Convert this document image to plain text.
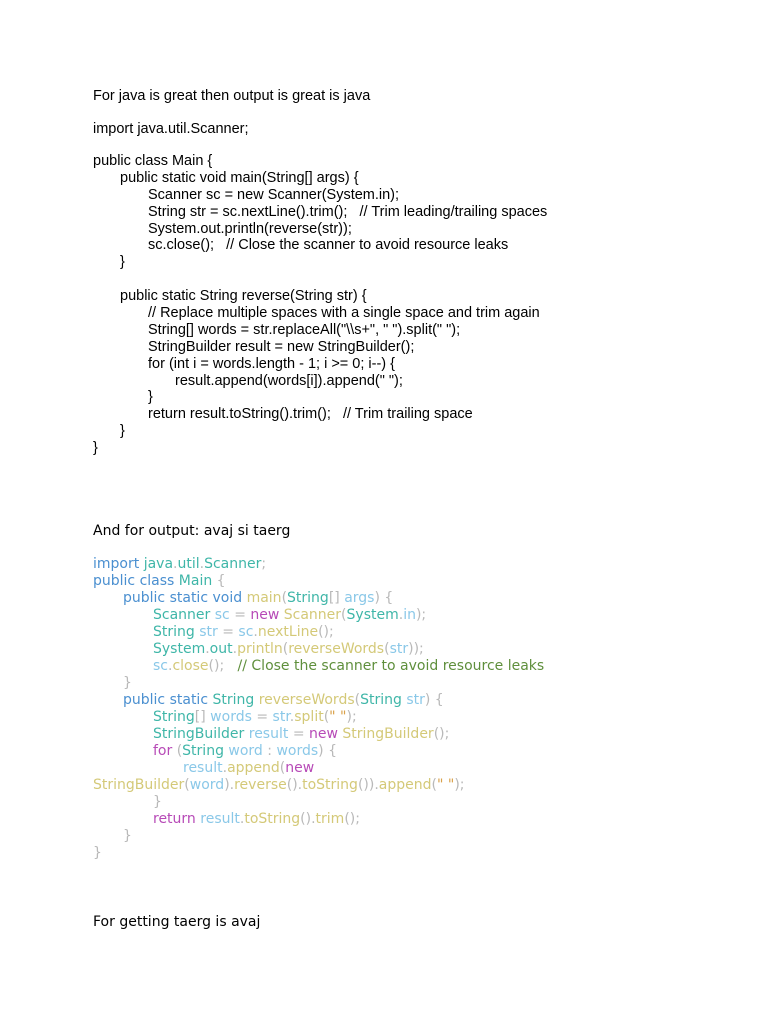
For java is great then output is great is java

import java.util.Scanner;

public class Main {
public static void main(String[] args) {
Scanner sc = new Scanner(System.in);
String str = sc.nextLine().trim();   // Trim leading/trailing spaces
System.out.println(reverse(str));
sc.close();   // Close the scanner to avoid resource leaks
}
public static String reverse(String str) {
// Replace multiple spaces with a single space and trim again
String[] words = str.replaceAll("\\s+", " ").split(" ");
StringBuilder result = new StringBuilder();
for (int i = words.length - 1; i >= 0; i--) {
result.append(words[i]).append(" ");
}
return result.toString().trim();   // Trim trailing space
}
}

And for output: avaj si taerg

import java.util.Scanner;
public class Main {
public static void main(String[] args) {
Scanner sc = new Scanner(System.in);
String str = sc.nextLine();
System.out.println(reverseWords(str));
sc.close(); // Close the scanner to avoid resource leaks
}
public static String reverseWords(String str) {
String[] words = str.split(" ");
StringBuilder result = new StringBuilder();
for (String word : words) {
result.append(new
StringBuilder(word).reverse().toString()).append(" ");
}
return result.toString().trim();
}
}

For getting taerg is avaj
